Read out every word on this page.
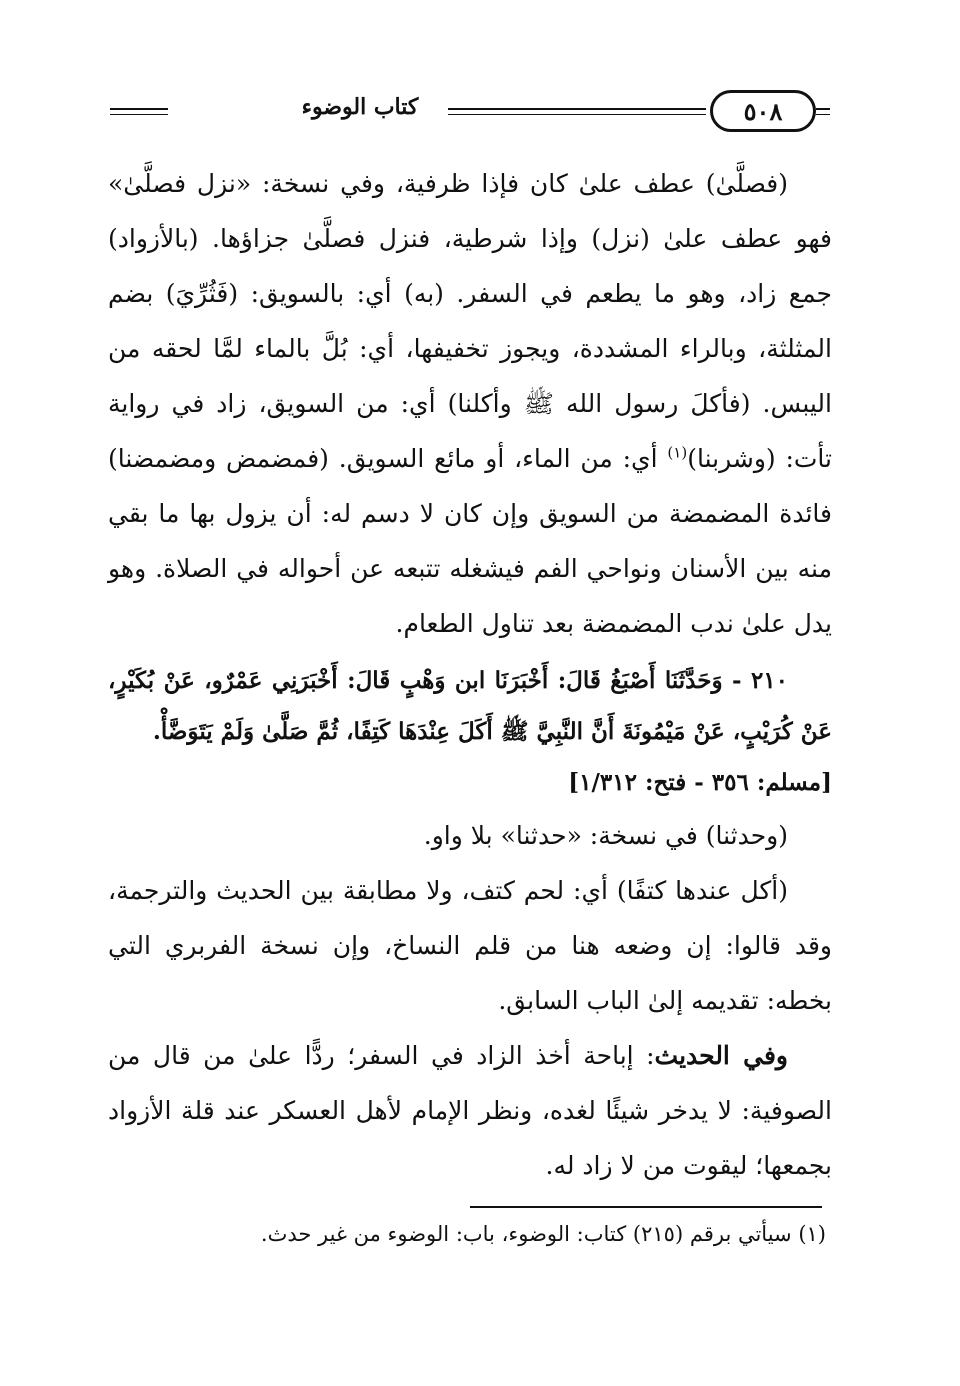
كتاب الوضوء	٥٠٨

(فصلَّىٰ) عطف علىٰ كان فإذا ظرفية، وفي نسخة: «نزل فصلَّىٰ» فهو عطف علىٰ (نزل) وإذا شرطية، فنزل فصلَّىٰ جزاؤها. (بالأزواد) جمع زاد، وهو ما يطعم في السفر. (به) أي: بالسويق: (فَثُرِّيَ) بضم المثلثة، وبالراء المشددة، ويجوز تخفيفها، أي: بُلَّ بالماء لمَّا لحقه من اليبس. (فأكلَ رسول الله ﷺ وأكلنا) أي: من السويق، زاد في رواية تأت: (وشربنا)$^{(١)}$ أي: من الماء، أو مائع السويق. (فمضمض ومضمضنا) فائدة المضمضة من السويق وإن كان لا دسم له: أن يزول بها ما بقي منه بين الأسنان ونواحي الفم فيشغله تتبعه عن أحواله في الصلاة. وهو يدل علىٰ ندب المضمضة بعد تناول الطعام.

٢١٠ - وَحَدَّثَنَا أَصْبَغُ قَالَ: أَخْبَرَنَا ابن وَهْبٍ قَالَ: أَخْبَرَنِي عَمْرٌو، عَنْ بُكَيْرٍ، عَنْ كُرَيْبٍ، عَنْ مَيْمُونَةَ أَنَّ النَّبِيَّ ﷺ أَكَلَ عِنْدَهَا كَتِفًا، ثُمَّ صَلَّىٰ وَلَمْ يَتَوَضَّأْ.
[مسلم: ٣٥٦ - فتح: ١/٣١٢]

(وحدثنا) في نسخة: «حدثنا» بلا واو.

(أكل عندها كتفًا) أي: لحم كتف، ولا مطابقة بين الحديث والترجمة، وقد قالوا: إن وضعه هنا من قلم النساخ، وإن نسخة الفربري التي بخطه: تقديمه إلىٰ الباب السابق.

وفي الحديث: إباحة أخذ الزاد في السفر؛ ردًّا علىٰ من قال من الصوفية: لا يدخر شيئًا لغده، ونظر الإمام لأهل العسكر عند قلة الأزواد بجمعها؛ ليقوت من لا زاد له.

(١) سيأتي برقم (٢١٥) كتاب: الوضوء، باب: الوضوء من غير حدث.
